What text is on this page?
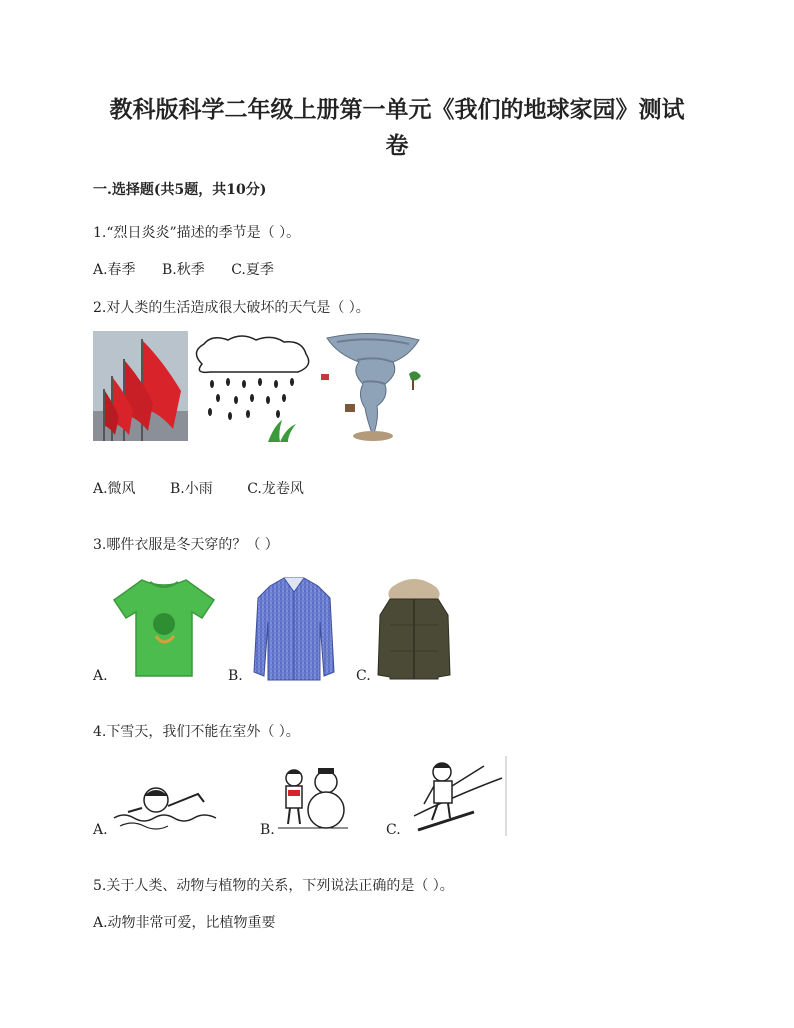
教科版科学二年级上册第一单元《我们的地球家园》测试
卷
一.选择题(共5题，共10分)
1.“烈日炎炎”描述的季节是（ ）。
A.春季 B.秋季 C.夏季
2.对人类的生活造成很大破坏的天气是（ ）。
A.微风 B.小雨 C.龙卷风
3.哪件衣服是冬天穿的？（ ）
A.	B.	C.
4.下雪天，我们不能在室外（ ）。
A.	B.	C.
5.关于人类、动物与植物的关系，下列说法正确的是（ ）。
A.动物非常可爱，比植物重要
